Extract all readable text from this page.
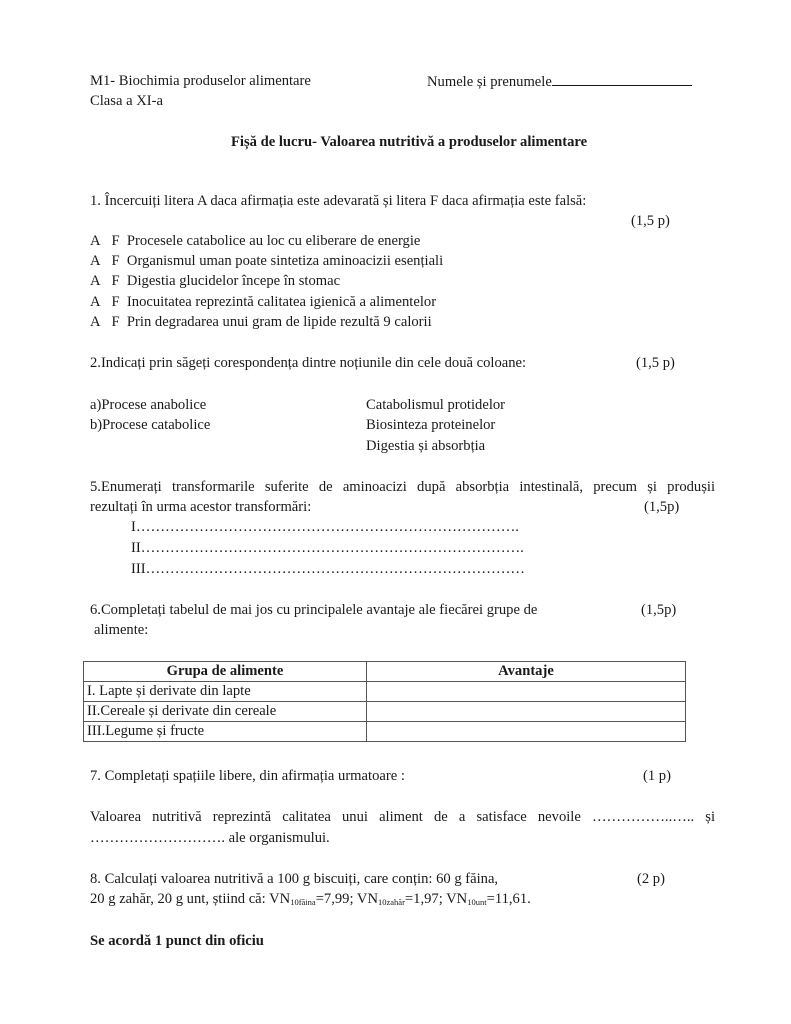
M1- Biochimia produselor alimentare	Numele și prenumele
Clasa a XI-a
Fișă de lucru- Valoarea nutritivă a produselor alimentare
1. Încercuiți litera A daca afirmația este adevarată și litera F daca afirmația este falsă:
(1,5 p)
A F Procesele catabolice au loc cu eliberare de energie
A F Organismul uman poate sintetiza aminoacizii esențiali
A F Digestia glucidelor începe în stomac
A F Inocuitatea reprezintă calitatea igienică a alimentelor
A F Prin degradarea unui gram de lipide rezultă 9 calorii
2.Indicați prin săgeți corespondența dintre noțiunile din cele două coloane:	(1,5 p)
a)Procese anabolice
b)Procese catabolice
Catabolismul protidelor
Biosinteza proteinelor
Digestia și absorbția
5.Enumerați transformarile suferite de aminoacizi după absorbția intestinală, precum și produșii
rezultați în urma acestor transformări:	(1,5p)
I…………………………………………………………………….
II…………………………………………………………………….
III……………………………………………………………………
6.Completați tabelul de mai jos cu principalele avantaje ale fiecărei grupe de	(1,5p)
alimente:
Grupa de alimente	Avantaje
I. Lapte și derivate din lapte	
II.Cereale și derivate din cereale	
III.Legume și fructe	
7. Completați spațiile libere, din afirmația urmatoare :	(1 p)
Valoarea nutritivă reprezintă calitatea unui aliment de a satisface nevoile ……………..….. și
………………………. ale organismului.
8. Calculați valoarea nutritivă a 100 g biscuiți, care conțin: 60 g făina,	(2 p)
20 g zahăr, 20 g unt, știind că: $VN_{10făina}=7,99$; $VN_{10zahăr}=1,97$; $VN_{10unt}=11,61$.
Se acordă 1 punct din oficiu
